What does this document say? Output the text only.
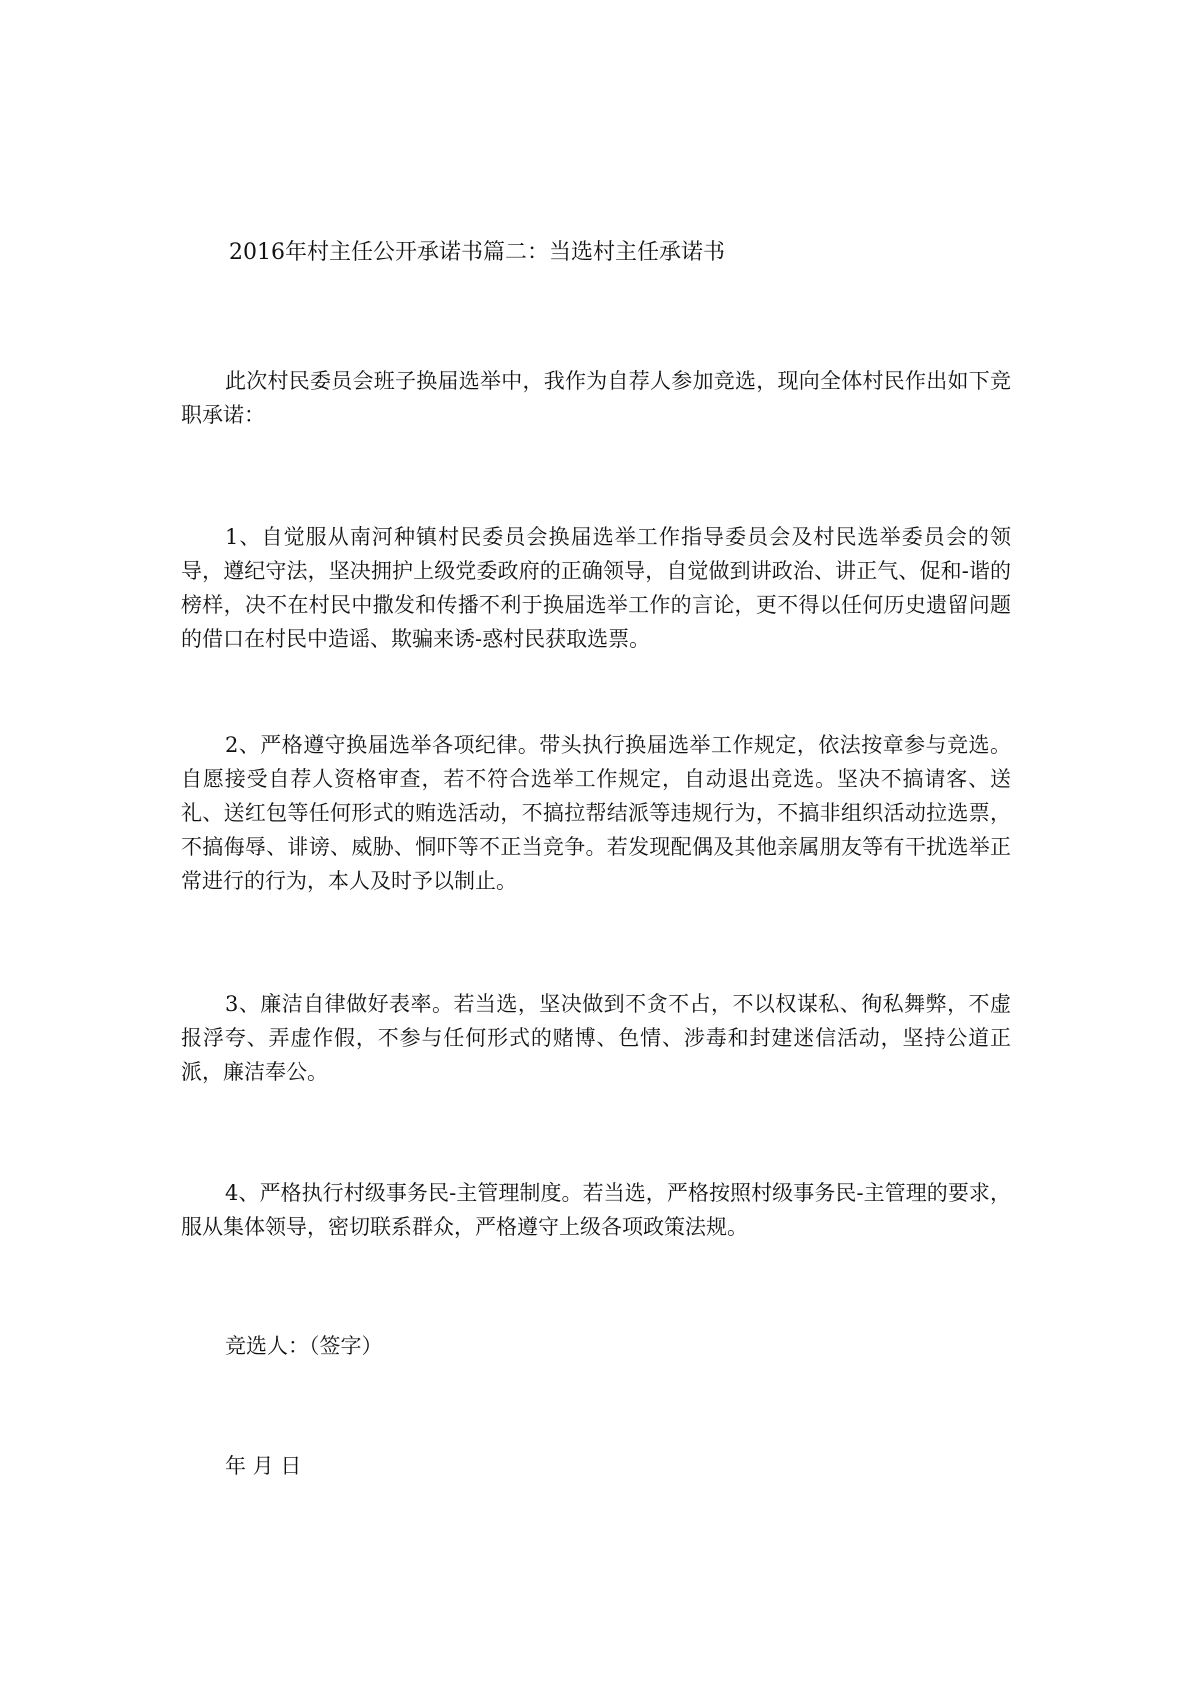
2016年村主任公开承诺书篇二：当选村主任承诺书
此次村民委员会班子换届选举中，我作为自荐人参加竞选，现向全体村民作出如下竞职承诺：
1、自觉服从南河种镇村民委员会换届选举工作指导委员会及村民选举委员会的领导，遵纪守法，坚决拥护上级党委政府的正确领导，自觉做到讲政治、讲正气、促和-谐的榜样，决不在村民中撒发和传播不利于换届选举工作的言论，更不得以任何历史遗留问题的借口在村民中造谣、欺骗来诱-惑村民获取选票。
2、严格遵守换届选举各项纪律。带头执行换届选举工作规定，依法按章参与竞选。自愿接受自荐人资格审查，若不符合选举工作规定，自动退出竞选。坚决不搞请客、送礼、送红包等任何形式的贿选活动，不搞拉帮结派等违规行为，不搞非组织活动拉选票，不搞侮辱、诽谤、威胁、恫吓等不正当竞争。若发现配偶及其他亲属朋友等有干扰选举正常进行的行为，本人及时予以制止。
3、廉洁自律做好表率。若当选，坚决做到不贪不占，不以权谋私、徇私舞弊，不虚报浮夸、弄虚作假，不参与任何形式的赌博、色情、涉毒和封建迷信活动，坚持公道正派，廉洁奉公。
4、严格执行村级事务民-主管理制度。若当选，严格按照村级事务民-主管理的要求，服从集体领导，密切联系群众，严格遵守上级各项政策法规。
竞选人：（签字）
年 月 日
